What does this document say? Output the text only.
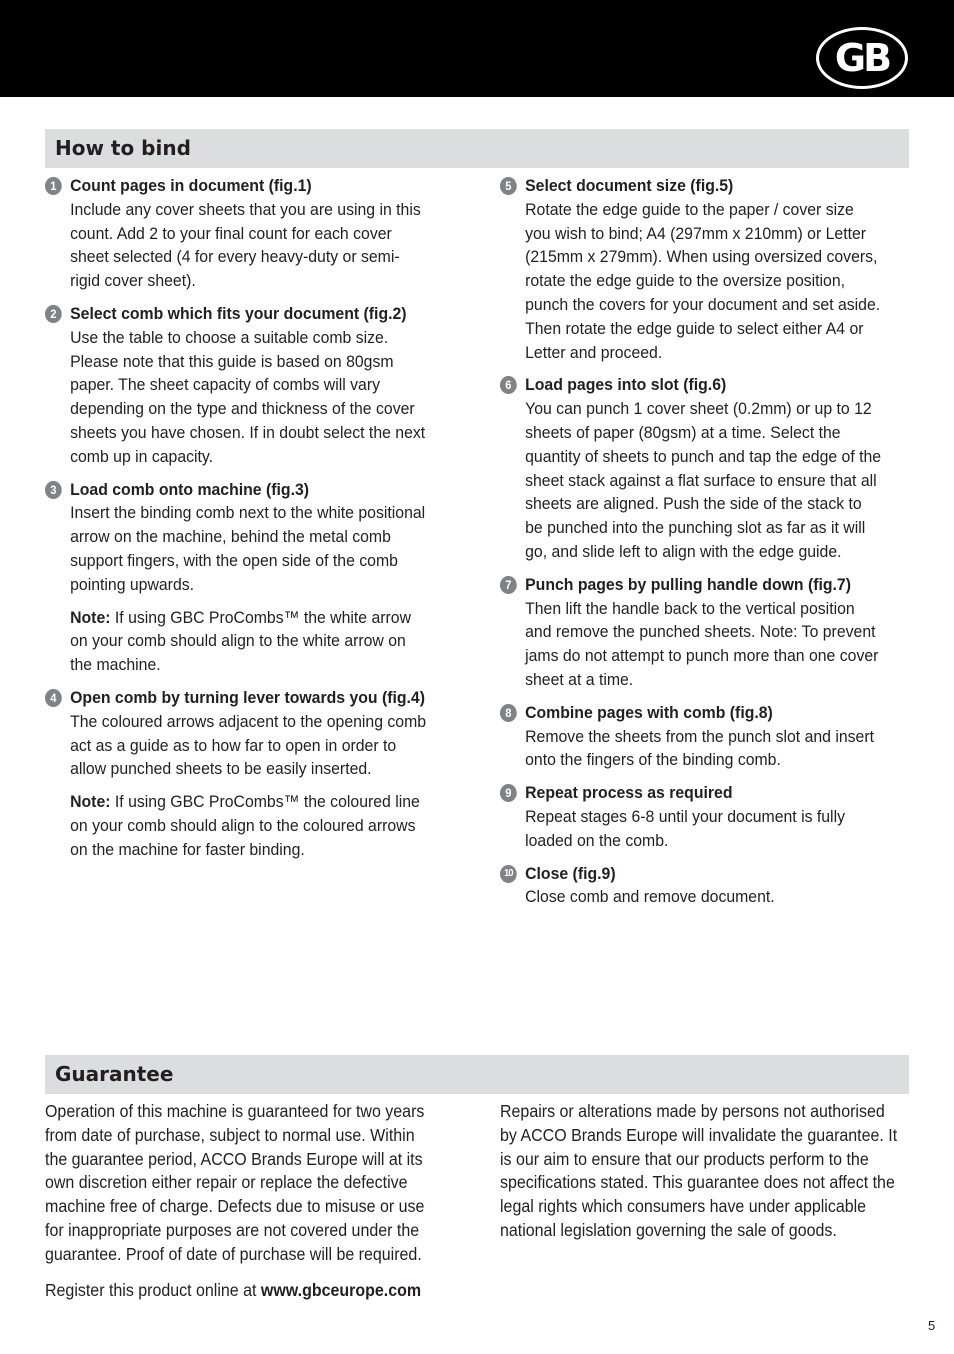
GB
How to bind
1 Count pages in document (fig.1)
Include any cover sheets that you are using in this count. Add 2 to your final count for each cover sheet selected (4 for every heavy-duty or semi-rigid cover sheet).
2 Select comb which fits your document (fig.2)
Use the table to choose a suitable comb size. Please note that this guide is based on 80gsm paper. The sheet capacity of combs will vary depending on the type and thickness of the cover sheets you have chosen. If in doubt select the next comb up in capacity.
3 Load comb onto machine (fig.3)
Insert the binding comb next to the white positional arrow on the machine, behind the metal comb support fingers, with the open side of the comb pointing upwards.
Note: If using GBC ProCombs™ the white arrow on your comb should align to the white arrow on the machine.
4 Open comb by turning lever towards you (fig.4)
The coloured arrows adjacent to the opening comb act as a guide as to how far to open in order to allow punched sheets to be easily inserted.
Note: If using GBC ProCombs™ the coloured line on your comb should align to the coloured arrows on the machine for faster binding.
5 Select document size (fig.5)
Rotate the edge guide to the paper / cover size you wish to bind; A4 (297mm x 210mm) or Letter (215mm x 279mm). When using oversized covers, rotate the edge guide to the oversize position, punch the covers for your document and set aside. Then rotate the edge guide to select either A4 or Letter and proceed.
6 Load pages into slot (fig.6)
You can punch 1 cover sheet (0.2mm) or up to 12 sheets of paper (80gsm) at a time. Select the quantity of sheets to punch and tap the edge of the sheet stack against a flat surface to ensure that all sheets are aligned. Push the side of the stack to be punched into the punching slot as far as it will go, and slide left to align with the edge guide.
7 Punch pages by pulling handle down (fig.7)
Then lift the handle back to the vertical position and remove the punched sheets. Note: To prevent jams do not attempt to punch more than one cover sheet at a time.
8 Combine pages with comb (fig.8)
Remove the sheets from the punch slot and insert onto the fingers of the binding comb.
9 Repeat process as required
Repeat stages 6-8 until your document is fully loaded on the comb.
10 Close (fig.9)
Close comb and remove document.
Guarantee

Operation of this machine is guaranteed for two years from date of purchase, subject to normal use. Within the guarantee period, ACCO Brands Europe will at its own discretion either repair or replace the defective machine free of charge. Defects due to misuse or use for inappropriate purposes are not covered under the guarantee. Proof of date of purchase will be required.

Register this product online at www.gbceurope.com

Repairs or alterations made by persons not authorised by ACCO Brands Europe will invalidate the guarantee. It is our aim to ensure that our products perform to the specifications stated. This guarantee does not affect the legal rights which consumers have under applicable national legislation governing the sale of goods.

5
